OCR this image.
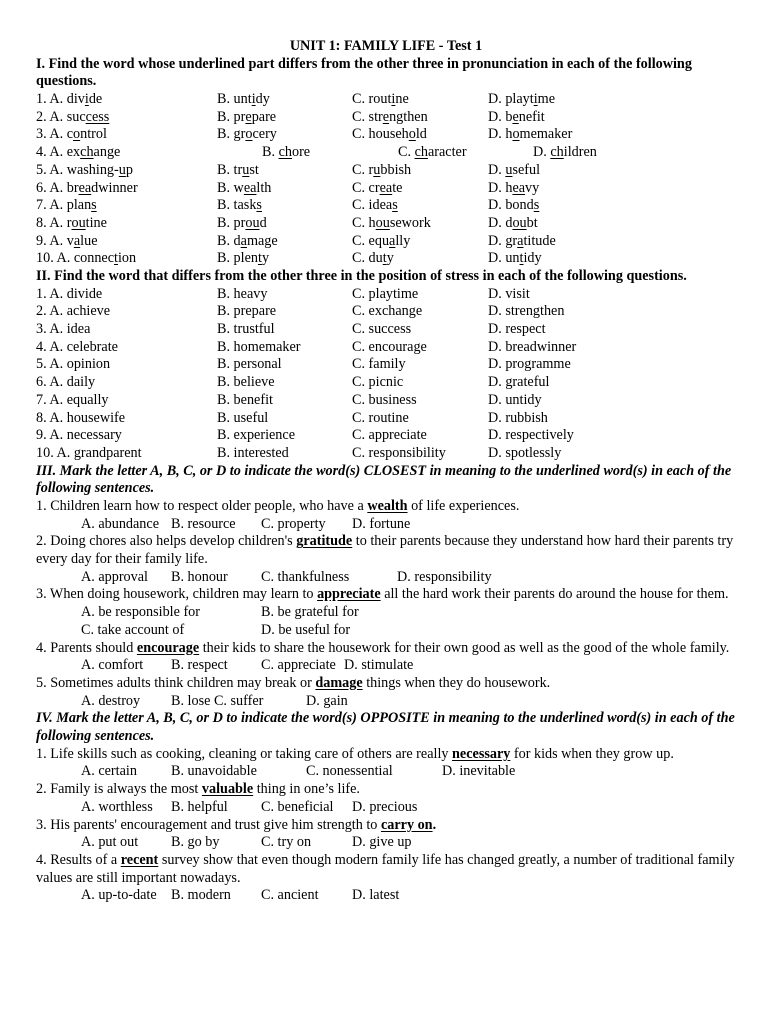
UNIT 1: FAMILY LIFE - Test 1
I. Find the word whose underlined part differs from the other three in pronunciation in each of the following questions.
1. A. divide	B. untidy	C. routine	D. playtime
2. A. success	B. prepare	C. strengthen	D. benefit
3. A. control	B. grocery	C. household	D. homemaker
4. A. exchange	B. chore	C. character	D. children
5. A. washing-up	B. trust	C. rubbish	D. useful
6. A. breadwinner	B. wealth	C. create	D. heavy
7. A. plans	B. tasks	C. ideas	D. bonds
8. A. routine	B. proud	C. housework	D. doubt
9. A. value	B. damage	C. equally	D. gratitude
10. A. connection	B. plenty	C. duty	D. untidy
II. Find the word that differs from the other three in the position of stress in each of the following questions.
1. A. divide	B. heavy	C. playtime	D. visit
2. A. achieve	B. prepare	C. exchange	D. strengthen
3. A. idea	B. trustful	C. success	D. respect
4. A. celebrate	B. homemaker	C. encourage	D. breadwinner
5. A. opinion	B. personal	C. family	D. programme
6. A. daily	B. believe	C. picnic	D. grateful
7. A. equally	B. benefit	C. business	D. untidy
8. A. housewife	B. useful	C. routine	D. rubbish
9. A. necessary	B. experience	C. appreciate	D. respectively
10. A. grandparent	B. interested	C. responsibility	D. spotlessly
III. Mark the letter A, B, C, or D to indicate the word(s) CLOSEST in meaning to the underlined word(s) in each of the following sentences.
1. Children learn how to respect older people, who have a wealth of life experiences.
A. abundance B. resource C. property D. fortune
2. Doing chores also helps develop children's gratitude to their parents because they understand how hard their parents try every day for their family life.
A. approval B. honour C. thankfulness	D. responsibility
3. When doing housework, children may learn to appreciate all the hard work their parents do around the house for them.
A. be responsible for	B. be grateful for
C. take account of	D. be useful for
4. Parents should encourage their kids to share the housework for their own good as well as the good of the whole family.
A. comfort B. respect C. appreciate D. stimulate
5. Sometimes adults think children may break or damage things when they do housework.
A. destroy B. lose C. suffer	D. gain
IV. Mark the letter A, B, C, or D to indicate the word(s) OPPOSITE in meaning to the underlined word(s) in each of the following sentences.
1. Life skills such as cooking, cleaning or taking care of others are really necessary for kids when they grow up.
A. certain B. unavoidable	C. nonessential	D. inevitable
2. Family is always the most valuable thing in one’s life.
A. worthless B. helpful C. beneficial D. precious
3. His parents' encouragement and trust give him strength to carry on.
A. put out B. go by	C. try on	D. give up
4. Results of a recent survey show that even though modern family life has changed greatly, a number of traditional family values are still important nowadays.
A. up-to-date B. modern C. ancient D. latest
